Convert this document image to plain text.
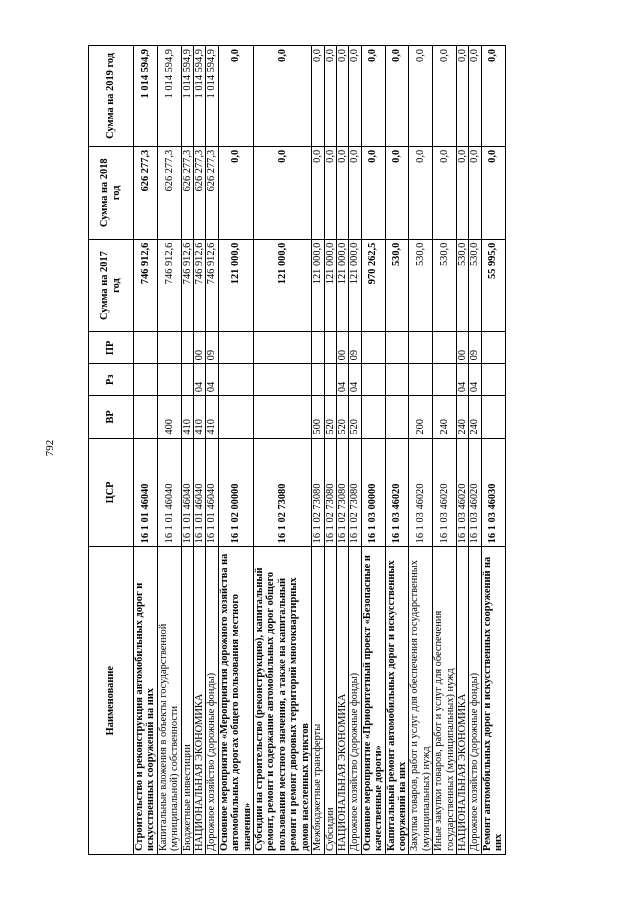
792
Наименование	ЦСР	ВР	Рз	ПР	Сумма на 2017 год	Сумма на 2018 год	Сумма на 2019 год
Строительство и реконструкция автомобильных дорог и искусственных сооружений на них	16 1 01 46040				746 912,6	626 277,3	1 014 594,9
Капитальные вложения в объекты государственной (муниципальной) собственности	16 1 01 46040	400			746 912,6	626 277,3	1 014 594,9
Бюджетные инвестиции	16 1 01 46040	410			746 912,6	626 277,3	1 014 594,9
НАЦИОНАЛЬНАЯ ЭКОНОМИКА	16 1 01 46040	410	04	00	746 912,6	626 277,3	1 014 594,9
Дорожное хозяйство (дорожные фонды)	16 1 01 46040	410	04	09	746 912,6	626 277,3	1 014 594,9
Основное мероприятие «Мероприятия дорожного хозяйства на автомобильных дорогах общего пользования местного значения»	16 1 02 00000				121 000,0	0,0	0,0
Субсидии на строительство (реконструкцию), капитальный ремонт, ремонт и содержание автомобильных дорог общего пользования местного значения, а также на капитальный ремонт и ремонт дворовых территорий многоквартирных домов населенных пунктов	16 1 02 73080				121 000,0	0,0	0,0
Межбюджетные трансферты	16 1 02 73080	500			121 000,0	0,0	0,0
Субсидии	16 1 02 73080	520			121 000,0	0,0	0,0
НАЦИОНАЛЬНАЯ ЭКОНОМИКА	16 1 02 73080	520	04	00	121 000,0	0,0	0,0
Дорожное хозяйство (дорожные фонды)	16 1 02 73080	520	04	09	121 000,0	0,0	0,0
Основное мероприятие «Приоритетный проект «Безопасные и качественные дороги»	16 1 03 00000				970 262,5	0,0	0,0
Капитальный ремонт автомобильных дорог и искусственных сооружений на них	16 1 03 46020				530,0	0,0	0,0
Закупка товаров, работ и услуг для обеспечения государственных (муниципальных) нужд	16 1 03 46020	200			530,0	0,0	0,0
Иные закупки товаров, работ и услуг для обеспечения государственных (муниципальных) нужд	16 1 03 46020	240			530,0	0,0	0,0
НАЦИОНАЛЬНАЯ ЭКОНОМИКА	16 1 03 46020	240	04	00	530,0	0,0	0,0
Дорожное хозяйство (дорожные фонды)	16 1 03 46020	240	04	09	530,0	0,0	0,0
Ремонт автомобильных дорог и искусственных сооружений на них	16 1 03 46030				55 995,0	0,0	0,0
